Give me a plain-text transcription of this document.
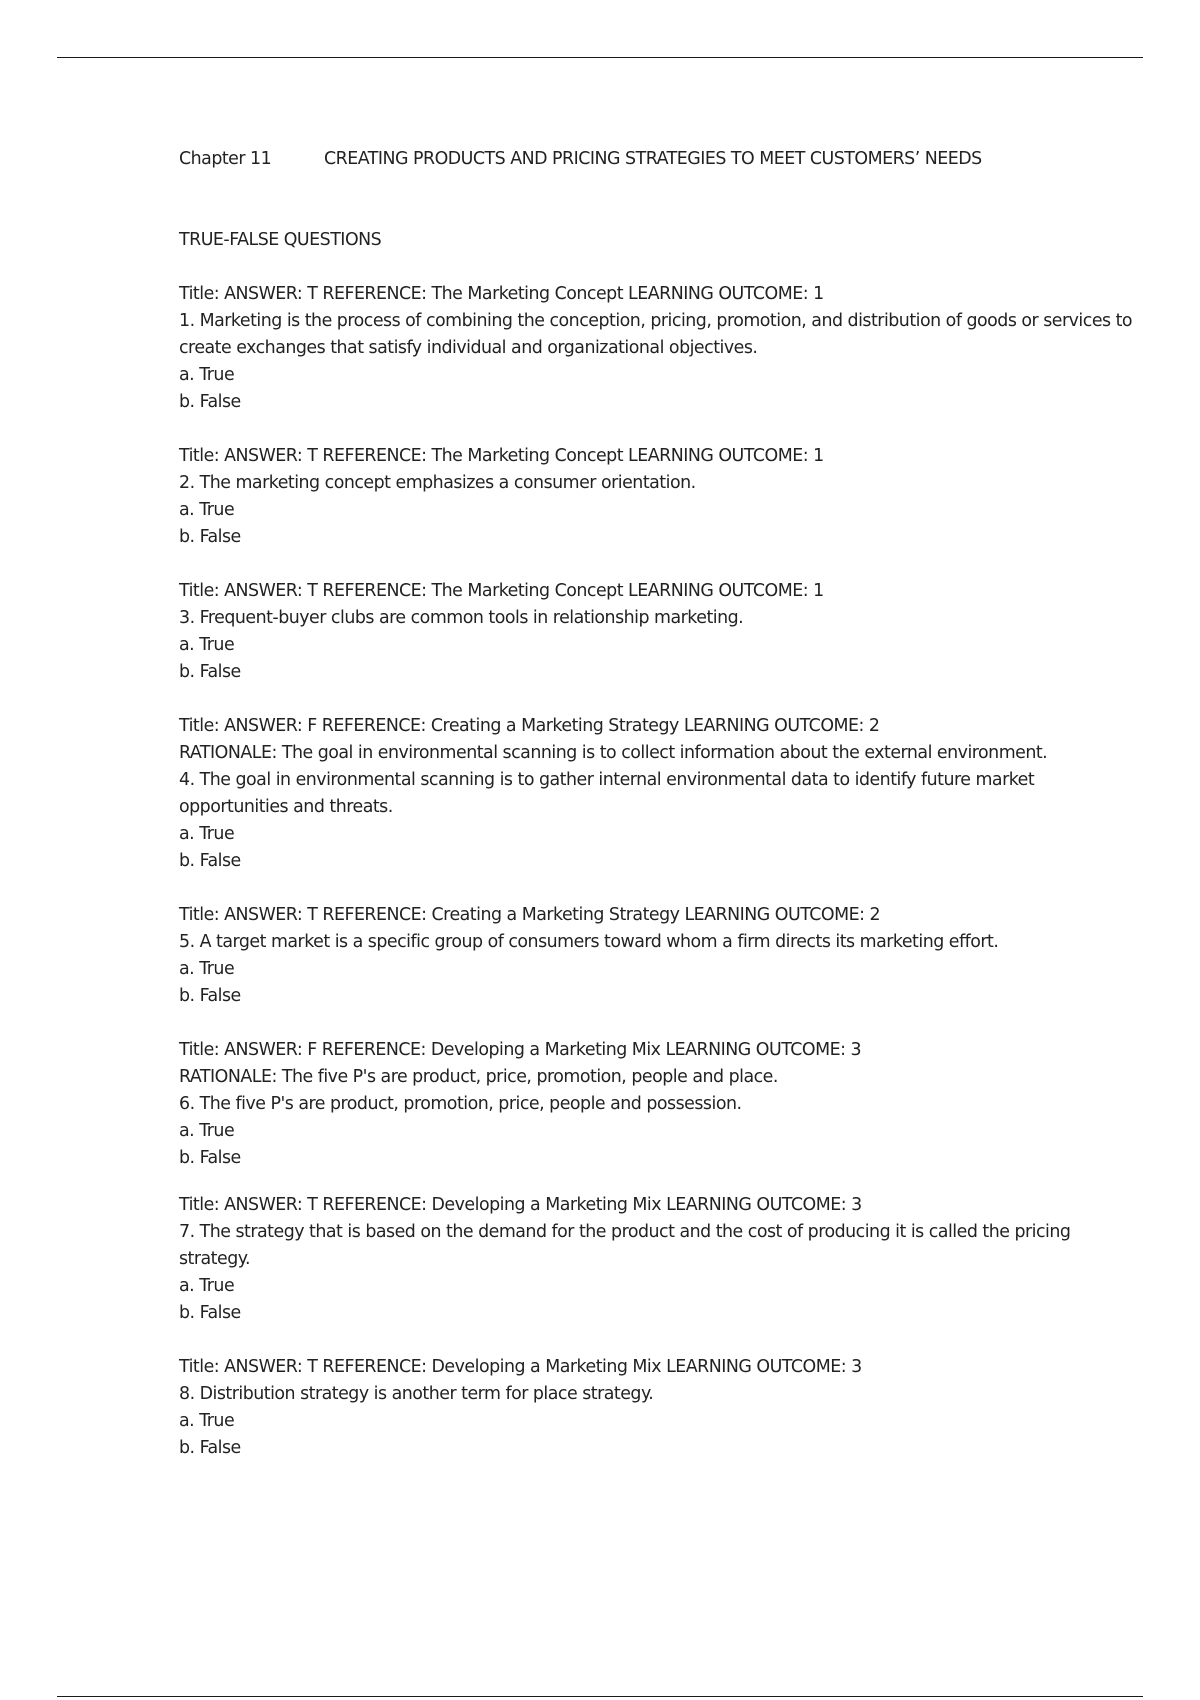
Chapter 11	CREATING PRODUCTS AND PRICING STRATEGIES TO MEET CUSTOMERS’ NEEDS
TRUE-FALSE QUESTIONS
Title: ANSWER: T REFERENCE: The Marketing Concept LEARNING OUTCOME: 1
1. Marketing is the process of combining the conception, pricing, promotion, and distribution of goods or services to create exchanges that satisfy individual and organizational objectives.
a. True
b. False
Title: ANSWER: T REFERENCE: The Marketing Concept LEARNING OUTCOME: 1
2. The marketing concept emphasizes a consumer orientation.
a. True
b. False
Title: ANSWER: T REFERENCE: The Marketing Concept LEARNING OUTCOME: 1
3. Frequent-buyer clubs are common tools in relationship marketing.
a. True
b. False
Title: ANSWER: F REFERENCE: Creating a Marketing Strategy LEARNING OUTCOME: 2
RATIONALE: The goal in environmental scanning is to collect information about the external environment.
4. The goal in environmental scanning is to gather internal environmental data to identify future market opportunities and threats.
a. True
b. False
Title: ANSWER: T REFERENCE: Creating a Marketing Strategy LEARNING OUTCOME: 2
5. A target market is a specific group of consumers toward whom a firm directs its marketing effort.
a. True
b. False
Title: ANSWER: F REFERENCE: Developing a Marketing Mix LEARNING OUTCOME: 3
RATIONALE: The five P's are product, price, promotion, people and place.
6. The five P's are product, promotion, price, people and possession.
a. True
b. False
Title: ANSWER: T REFERENCE: Developing a Marketing Mix LEARNING OUTCOME: 3
7. The strategy that is based on the demand for the product and the cost of producing it is called the pricing strategy.
a. True
b. False
Title: ANSWER: T REFERENCE: Developing a Marketing Mix LEARNING OUTCOME: 3
8. Distribution strategy is another term for place strategy.
a. True
b. False
